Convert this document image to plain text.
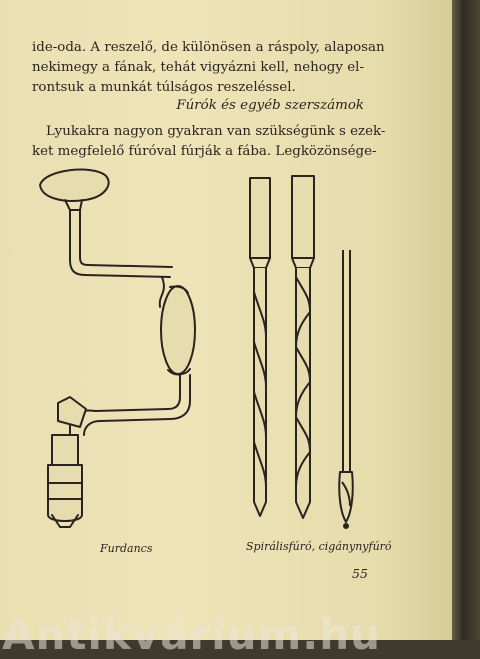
ide-oda. A reszelő, de különösen a ráspoly, alaposan
nekimegy a fának, tehát vigyázni kell, nehogy el-
rontsuk a munkát túlságos reszeléssel.
Fúrók és egyéb szerszámok
Lyukakra nagyon gyakran van szükségünk s ezek-
ket megfelelő fúróval fúrják a fába. Legközönsége-
Furdancs	Spirálisfúró, cigánynyfúró
55
Antikvárium.hu
